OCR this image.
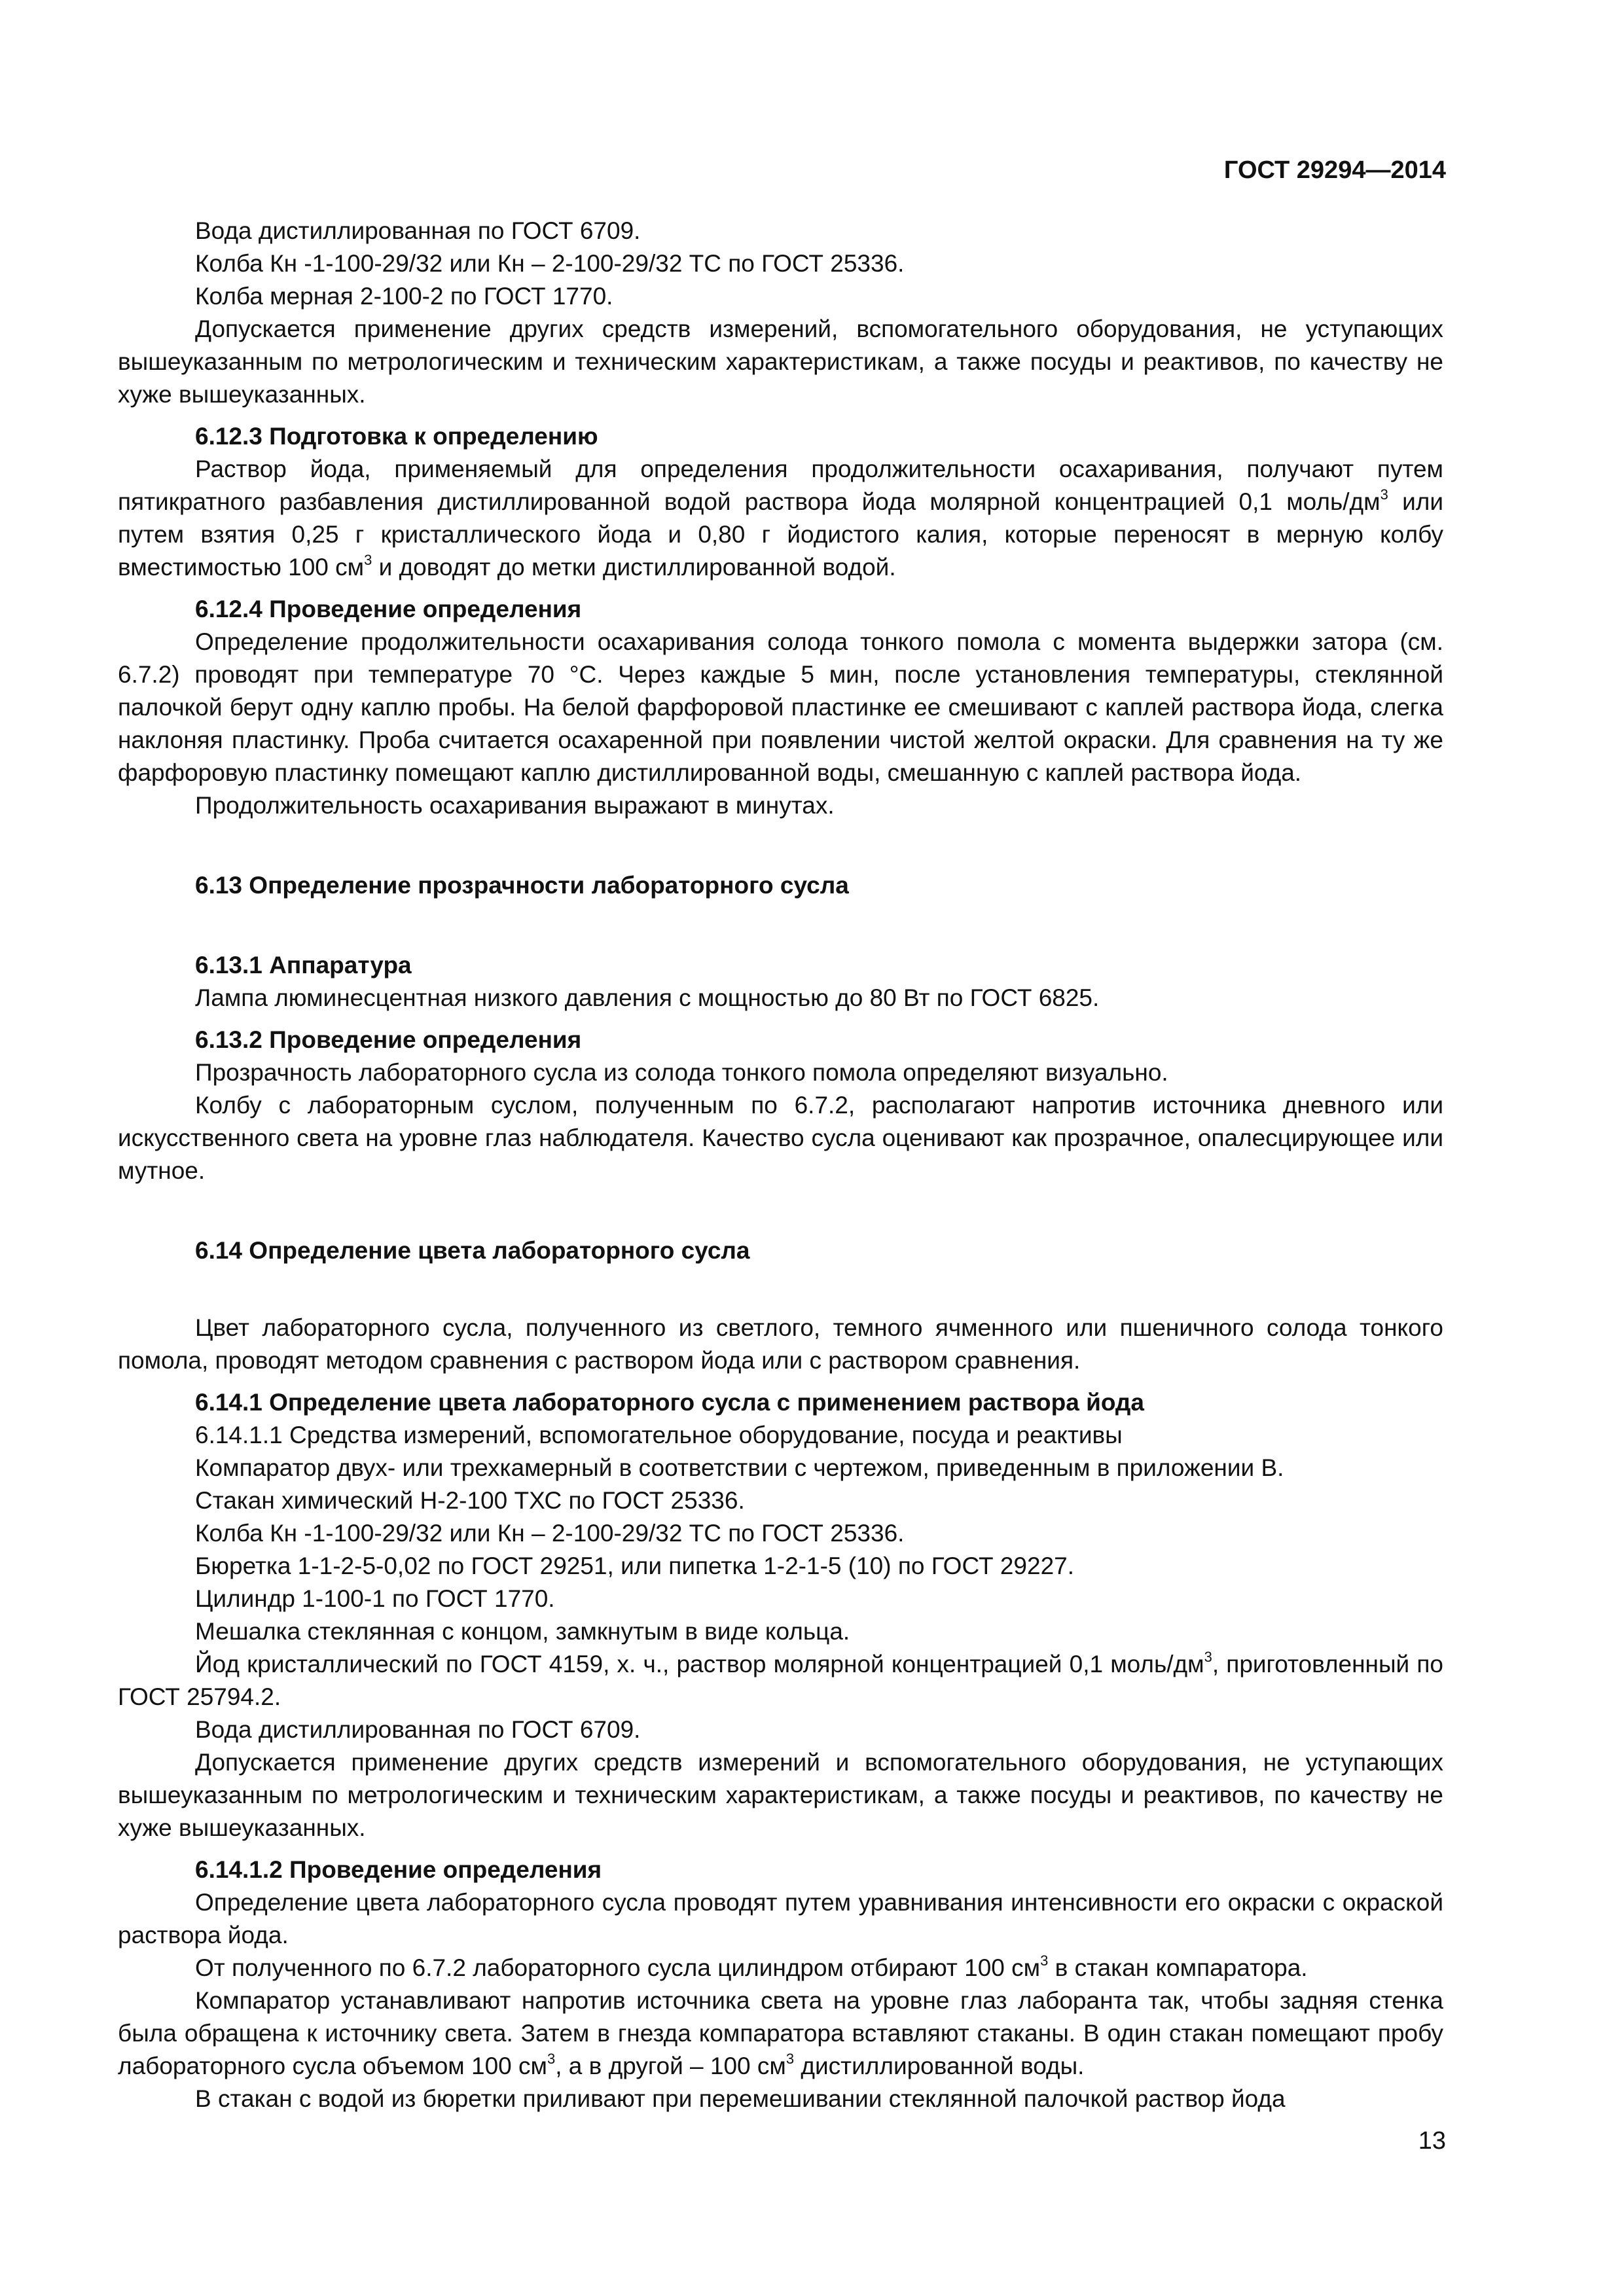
ГОСТ 29294—2014

Вода дистиллированная по ГОСТ 6709.

Колба Кн -1-100-29/32 или Кн – 2-100-29/32 ТС по ГОСТ 25336.

Колба мерная 2-100-2 по ГОСТ 1770.

Допускается применение других средств измерений, вспомогательного оборудования, не уступающих вышеуказанным по метрологическим и техническим характеристикам, а также посуды и реактивов, по качеству не хуже вышеуказанных.

6.12.3 Подготовка к определению

Раствор йода, применяемый для определения продолжительности осахаривания, получают путем пятикратного разбавления дистиллированной водой раствора йода молярной концентрацией 0,1 моль/$дм^3$ или путем взятия 0,25 г кристаллического йода и 0,80 г йодистого калия, которые переносят в мерную колбу вместимостью 100 $см^3$ и доводят до метки дистиллированной водой.

6.12.4 Проведение определения

Определение продолжительности осахаривания солода тонкого помола с момента выдержки затора (см. 6.7.2) проводят при температуре 70 °С. Через каждые 5 мин, после установления температуры, стеклянной палочкой берут одну каплю пробы. На белой фарфоровой пластинке ее смешивают с каплей раствора йода, слегка наклоняя пластинку. Проба считается осахаренной при появлении чистой желтой окраски. Для сравнения на ту же фарфоровую пластинку помещают каплю дистиллированной воды, смешанную с каплей раствора йода.

Продолжительность осахаривания выражают в минутах.

6.13 Определение прозрачности лабораторного сусла

6.13.1 Аппаратура

Лампа люминесцентная низкого давления с мощностью до 80 Вт по ГОСТ 6825.

6.13.2 Проведение определения

Прозрачность лабораторного сусла из солода тонкого помола определяют визуально.

Колбу с лабораторным суслом, полученным по 6.7.2, располагают напротив источника дневного или искусственного света на уровне глаз наблюдателя. Качество сусла оценивают как прозрачное, опалесцирующее или мутное.

6.14 Определение цвета лабораторного сусла

Цвет лабораторного сусла, полученного из светлого, темного ячменного или пшеничного солода тонкого помола, проводят методом сравнения с раствором йода или с раствором сравнения.

6.14.1 Определение цвета лабораторного сусла с применением раствора йода

6.14.1.1 Средства измерений, вспомогательное оборудование, посуда и реактивы

Компаратор двух- или трехкамерный в соответствии с чертежом, приведенным в приложении В.

Стакан химический Н-2-100 ТХС по ГОСТ 25336.

Колба Кн -1-100-29/32 или Кн – 2-100-29/32 ТС по ГОСТ 25336.

Бюретка 1-1-2-5-0,02 по ГОСТ 29251, или пипетка 1-2-1-5 (10) по ГОСТ 29227.

Цилиндр 1-100-1 по ГОСТ 1770.

Мешалка стеклянная с концом, замкнутым в виде кольца.

Йод кристаллический по ГОСТ 4159, х. ч., раствор молярной концентрацией 0,1 моль/$дм^3$, приготовленный по ГОСТ 25794.2.

Вода дистиллированная по ГОСТ 6709.

Допускается применение других средств измерений и вспомогательного оборудования, не уступающих вышеуказанным по метрологическим и техническим характеристикам, а также посуды и реактивов, по качеству не хуже вышеуказанных.

6.14.1.2 Проведение определения

Определение цвета лабораторного сусла проводят путем уравнивания интенсивности его окраски с окраской раствора йода.

От полученного по 6.7.2 лабораторного сусла цилиндром отбирают 100 $см^3$ в стакан компаратора.

Компаратор устанавливают напротив источника света на уровне глаз лаборанта так, чтобы задняя стенка была обращена к источнику света. Затем в гнезда компаратора вставляют стаканы. В один стакан помещают пробу лабораторного сусла объемом 100 $см^3$, а в другой – 100 $см^3$ дистиллированной воды.

В стакан с водой из бюретки приливают при перемешивании стеклянной палочкой раствор йода

13
